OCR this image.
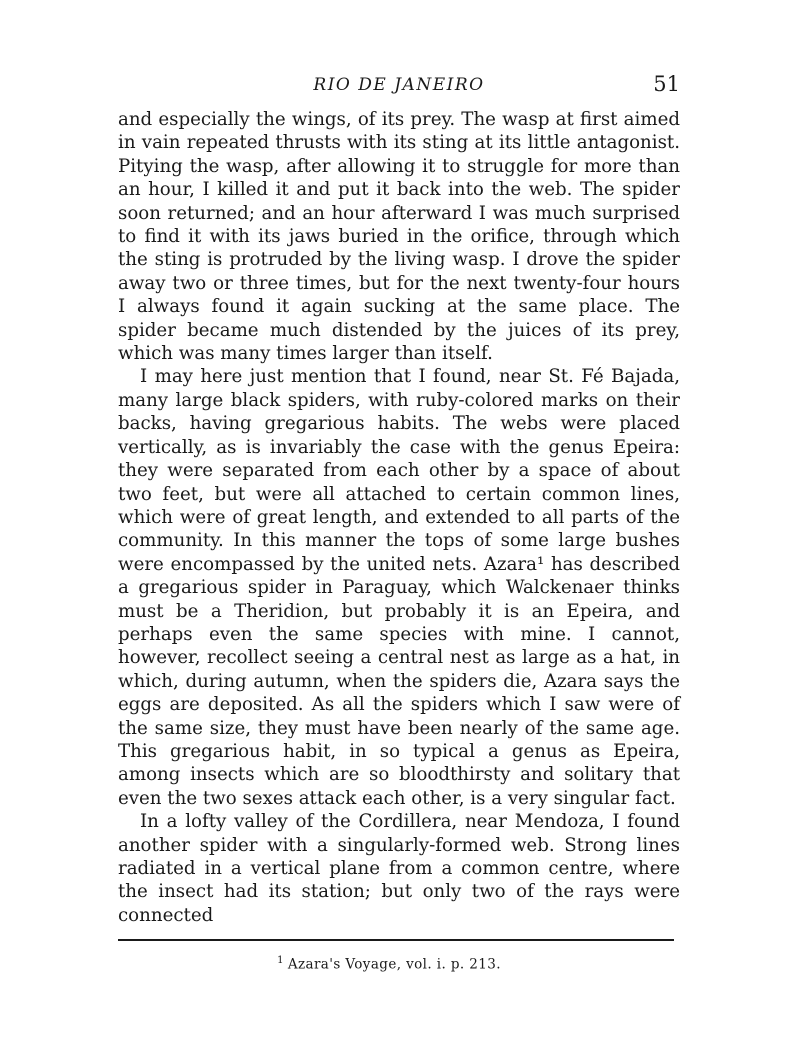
RIO DE JANEIRO	51

and especially the wings, of its prey. The wasp at first aimed in vain repeated thrusts with its sting at its little antagonist. Pitying the wasp, after allowing it to struggle for more than an hour, I killed it and put it back into the web. The spider soon returned; and an hour afterward I was much surprised to find it with its jaws buried in the orifice, through which the sting is protruded by the living wasp. I drove the spider away two or three times, but for the next twenty-four hours I always found it again sucking at the same place. The spider became much distended by the juices of its prey, which was many times larger than itself.

I may here just mention that I found, near St. Fé Bajada, many large black spiders, with ruby-colored marks on their backs, having gregarious habits. The webs were placed vertically, as is invariably the case with the genus Epeira: they were separated from each other by a space of about two feet, but were all attached to certain common lines, which were of great length, and extended to all parts of the community. In this manner the tops of some large bushes were encompassed by the united nets. Azara¹ has described a gregarious spider in Paraguay, which Walckenaer thinks must be a Theridion, but probably it is an Epeira, and perhaps even the same species with mine. I cannot, however, recollect seeing a central nest as large as a hat, in which, during autumn, when the spiders die, Azara says the eggs are deposited. As all the spiders which I saw were of the same size, they must have been nearly of the same age. This gregarious habit, in so typical a genus as Epeira, among insects which are so bloodthirsty and solitary that even the two sexes attack each other, is a very singular fact.

In a lofty valley of the Cordillera, near Mendoza, I found another spider with a singularly-formed web. Strong lines radiated in a vertical plane from a common centre, where the insect had its station; but only two of the rays were connected

$^1$ Azara's Voyage, vol. i. p. 213.
